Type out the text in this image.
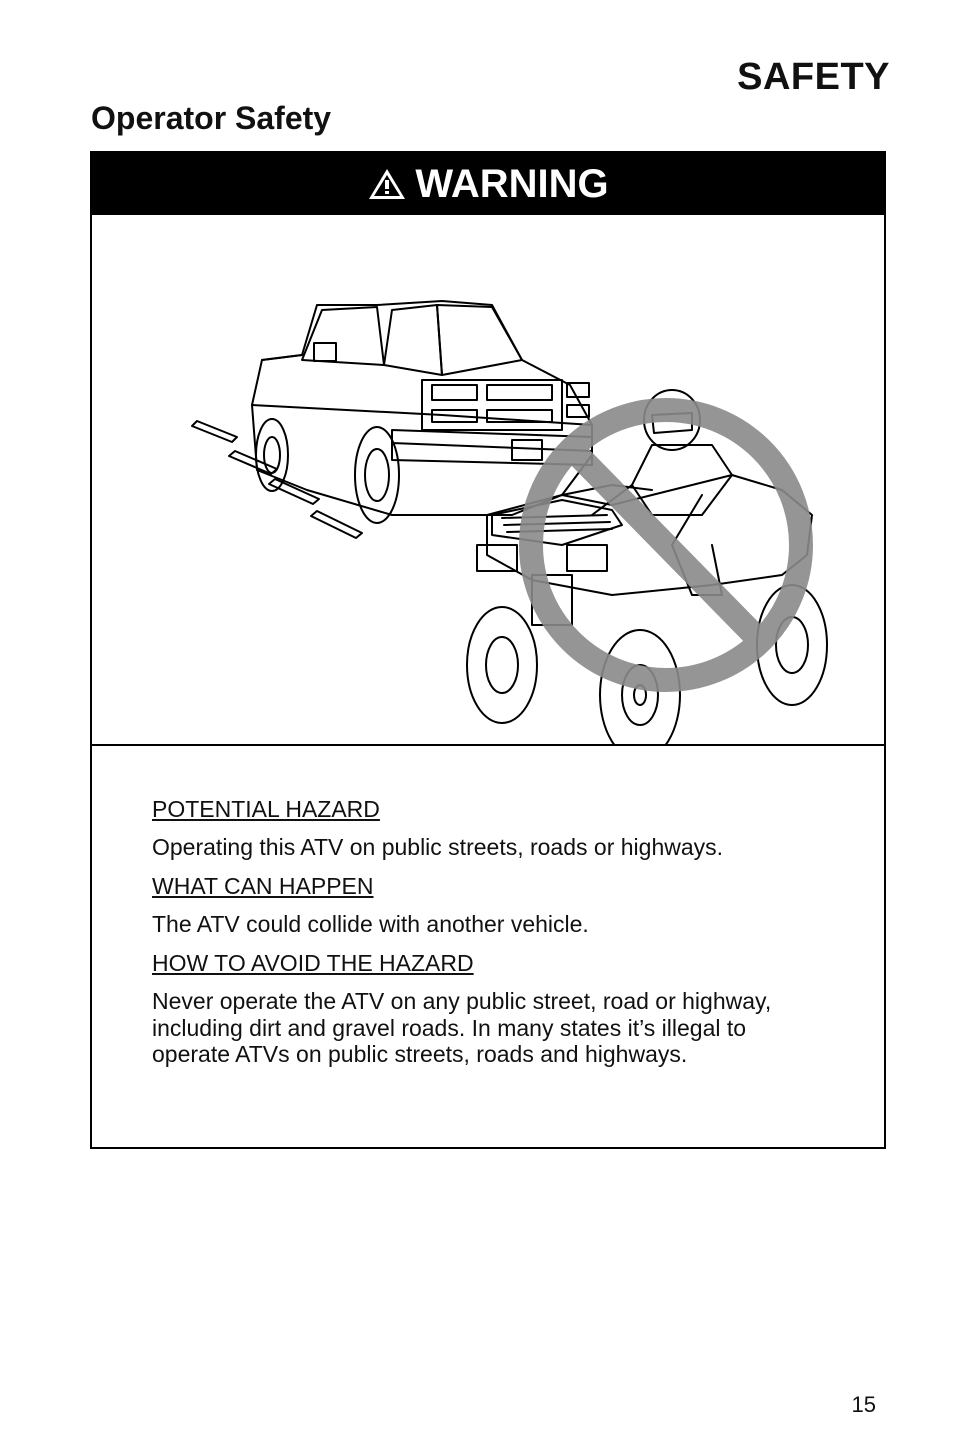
SAFETY
Operator Safety
WARNING
POTENTIAL HAZARD
Operating this ATV on public streets, roads or highways.
WHAT CAN HAPPEN
The ATV could collide with another vehicle.
HOW TO AVOID THE HAZARD
Never operate the ATV on any public street, road or highway, including dirt and gravel roads. In many states it’s illegal to operate ATVs on public streets, roads and highways.
15
